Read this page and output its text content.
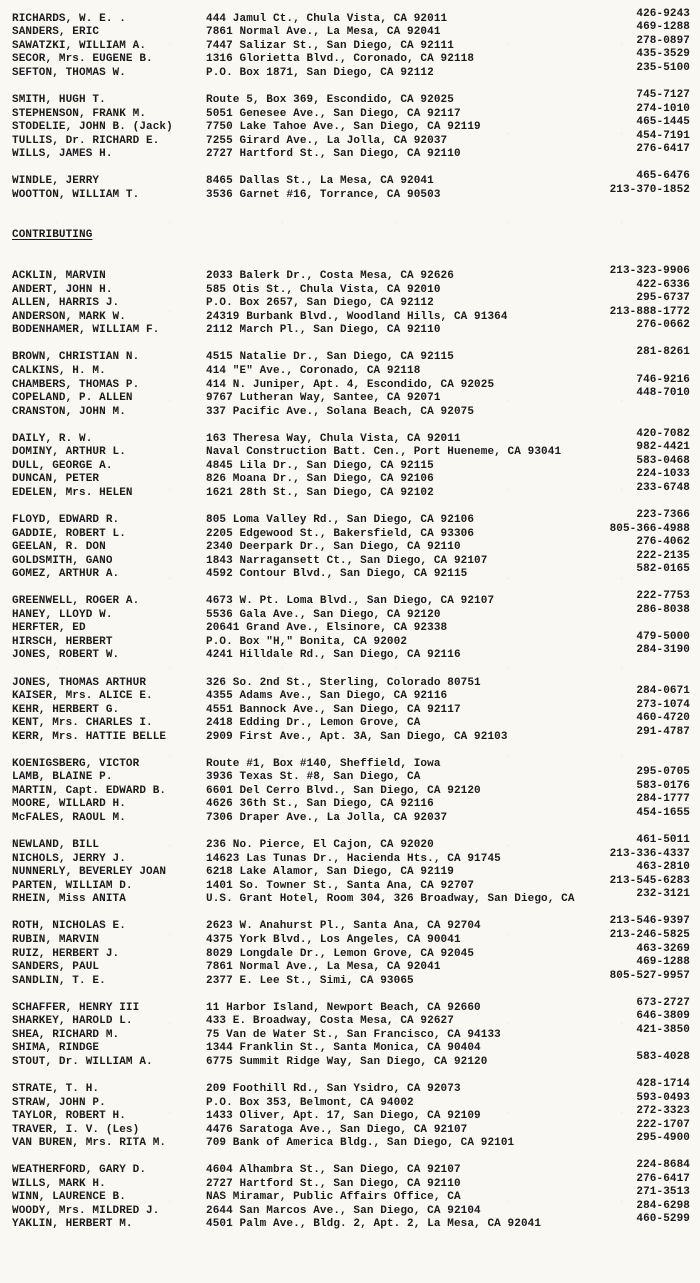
RICHARDS, W. E. .	444 Jamul Ct., Chula Vista, CA 92011	426-9243
SANDERS, ERIC	7861 Normal Ave., La Mesa, CA 92041	469-1288
SAWATZKI, WILLIAM A.	7447 Salizar St., San Diego, CA 92111	278-0897
SECOR, Mrs. EUGENE B.	1316 Glorietta Blvd., Coronado, CA 92118	435-3529
SEFTON, THOMAS W.	P.O. Box 1871, San Diego, CA 92112	235-5100
SMITH, HUGH T.	Route 5, Box 369, Escondido, CA 92025	745-7127
STEPHENSON, FRANK M.	5051 Genesee Ave., San Diego, CA 92117	274-1010
STODELIE, JOHN B. (Jack)	7750 Lake Tahoe Ave., San Diego, CA 92119	465-1445
TULLIS, Dr. RICHARD E.	7255 Girard Ave., La Jolla, CA 92037	454-7191
WILLS, JAMES H.	2727 Hartford St., San Diego, CA 92110	276-6417
WINDLE, JERRY	8465 Dallas St., La Mesa, CA 92041	465-6476
WOOTTON, WILLIAM T.	3536 Garnet #16, Torrance, CA 90503	213-370-1852
CONTRIBUTING
ACKLIN, MARVIN	2033 Balerk Dr., Costa Mesa, CA 92626	213-323-9906
ANDERT, JOHN H.	585 Otis St., Chula Vista, CA 92010	422-6336
ALLEN, HARRIS J.	P.O. Box 2657, San Diego, CA 92112	295-6737
ANDERSON, MARK W.	24319 Burbank Blvd., Woodland Hills, CA 91364	213-888-1772
BODENHAMER, WILLIAM F.	2112 March Pl., San Diego, CA 92110	276-0662
BROWN, CHRISTIAN N.	4515 Natalie Dr., San Diego, CA 92115	281-8261
CALKINS, H. M.	414 "E" Ave., Coronado, CA 92118
CHAMBERS, THOMAS P.	414 N. Juniper, Apt. 4, Escondido, CA 92025	746-9216
COPELAND, P. ALLEN	9767 Lutheran Way, Santee, CA 92071	448-7010
CRANSTON, JOHN M.	337 Pacific Ave., Solana Beach, CA 92075
DAILY, R. W.	163 Theresa Way, Chula Vista, CA 92011	420-7082
DOMINY, ARTHUR L.	Naval Construction Batt. Cen., Port Hueneme, CA 93041	982-4421
DULL, GEORGE A.	4845 Lila Dr., San Diego, CA 92115	583-0468
DUNCAN, PETER	826 Moana Dr., San Diego, CA 92106	224-1033
EDELEN, Mrs. HELEN	1621 28th St., San Diego, CA 92102	233-6748
FLOYD, EDWARD R.	805 Loma Valley Rd., San Diego, CA 92106	223-7366
GADDIE, ROBERT L.	2205 Edgewood St., Bakersfield, CA 93306	805-366-4988
GEELAN, R. DON	2340 Deerpark Dr., San Diego, CA 92110	276-4062
GOLDSMITH, GANO	1843 Narragansett Ct., San Diego, CA 92107	222-2135
GOMEZ, ARTHUR A.	4592 Contour Blvd., San Diego, CA 92115	582-0165
GREENWELL, ROGER A.	4673 W. Pt. Loma Blvd., San Diego, CA 92107	222-7753
HANEY, LLOYD W.	5536 Gala Ave., San Diego, CA 92120	286-8038
HERFTER, ED	20641 Grand Ave., Elsinore, CA 92338
HIRSCH, HERBERT	P.O. Box "H," Bonita, CA 92002	479-5000
JONES, ROBERT W.	4241 Hilldale Rd., San Diego, CA 92116	284-3190
JONES, THOMAS ARTHUR	326 So. 2nd St., Sterling, Colorado 80751
KAISER, Mrs. ALICE E.	4355 Adams Ave., San Diego, CA 92116	284-0671
KEHR, HERBERT G.	4551 Bannock Ave., San Diego, CA 92117	273-1074
KENT, Mrs. CHARLES I.	2418 Edding Dr., Lemon Grove, CA	460-4720
KERR, Mrs. HATTIE BELLE	2909 First Ave., Apt. 3A, San Diego, CA 92103	291-4787
KOENIGSBERG, VICTOR	Route #1, Box #140, Sheffield, Iowa
LAMB, BLAINE P.	3936 Texas St. #8, San Diego, CA	295-0705
MARTIN, Capt. EDWARD B.	6601 Del Cerro Blvd., San Diego, CA 92120	583-0176
MOORE, WILLARD H.	4626 36th St., San Diego, CA 92116	284-1777
McFALES, RAOUL M.	7306 Draper Ave., La Jolla, CA 92037	454-1655
NEWLAND, BILL	236 No. Pierce, El Cajon, CA 92020	461-5011
NICHOLS, JERRY J.	14623 Las Tunas Dr., Hacienda Hts., CA 91745	213-336-4337
NUNNERLY, BEVERLEY JOAN	6218 Lake Alamor, San Diego, CA 92119	463-2810
PARTEN, WILLIAM D.	1401 So. Towner St., Santa Ana, CA 92707	213-545-6283
RHEIN, Miss ANITA	U.S. Grant Hotel, Room 304, 326 Broadway, San Diego, CA	232-3121
ROTH, NICHOLAS E.	2623 W. Anahurst Pl., Santa Ana, CA 92704	213-546-9397
RUBIN, MARVIN	4375 York Blvd., Los Angeles, CA 90041	213-246-5825
RUIZ, HERBERT J.	8029 Longdale Dr., Lemon Grove, CA 92045	463-3269
SANDERS, PAUL	7861 Normal Ave., La Mesa, CA 92041	469-1288
SANDLIN, T. E.	2377 E. Lee St., Simi, CA 93065	805-527-9957
SCHAFFER, HENRY III	11 Harbor Island, Newport Beach, CA 92660	673-2727
SHARKEY, HAROLD L.	433 E. Broadway, Costa Mesa, CA 92627	646-3809
SHEA, RICHARD M.	75 Van de Water St., San Francisco, CA 94133	421-3850
SHIMA, RINDGE	1344 Franklin St., Santa Monica, CA 90404
STOUT, Dr. WILLIAM A.	6775 Summit Ridge Way, San Diego, CA 92120	583-4028
STRATE, T. H.	209 Foothill Rd., San Ysidro, CA 92073	428-1714
STRAW, JOHN P.	P.O. Box 353, Belmont, CA 94002	593-0493
TAYLOR, ROBERT H.	1433 Oliver, Apt. 17, San Diego, CA 92109	272-3323
TRAVER, I. V. (Les)	4476 Saratoga Ave., San Diego, CA 92107	222-1707
VAN BUREN, Mrs. RITA M.	709 Bank of America Bldg., San Diego, CA 92101	295-4900
WEATHERFORD, GARY D.	4604 Alhambra St., San Diego, CA 92107	224-8684
WILLS, MARK H.	2727 Hartford St., San Diego, CA 92110	276-6417
WINN, LAURENCE B.	NAS Miramar, Public Affairs Office, CA	271-3513
WOODY, Mrs. MILDRED J.	2644 San Marcos Ave., San Diego, CA 92104	284-6298
YAKLIN, HERBERT M.	4501 Palm Ave., Bldg. 2, Apt. 2, La Mesa, CA 92041	460-5299
